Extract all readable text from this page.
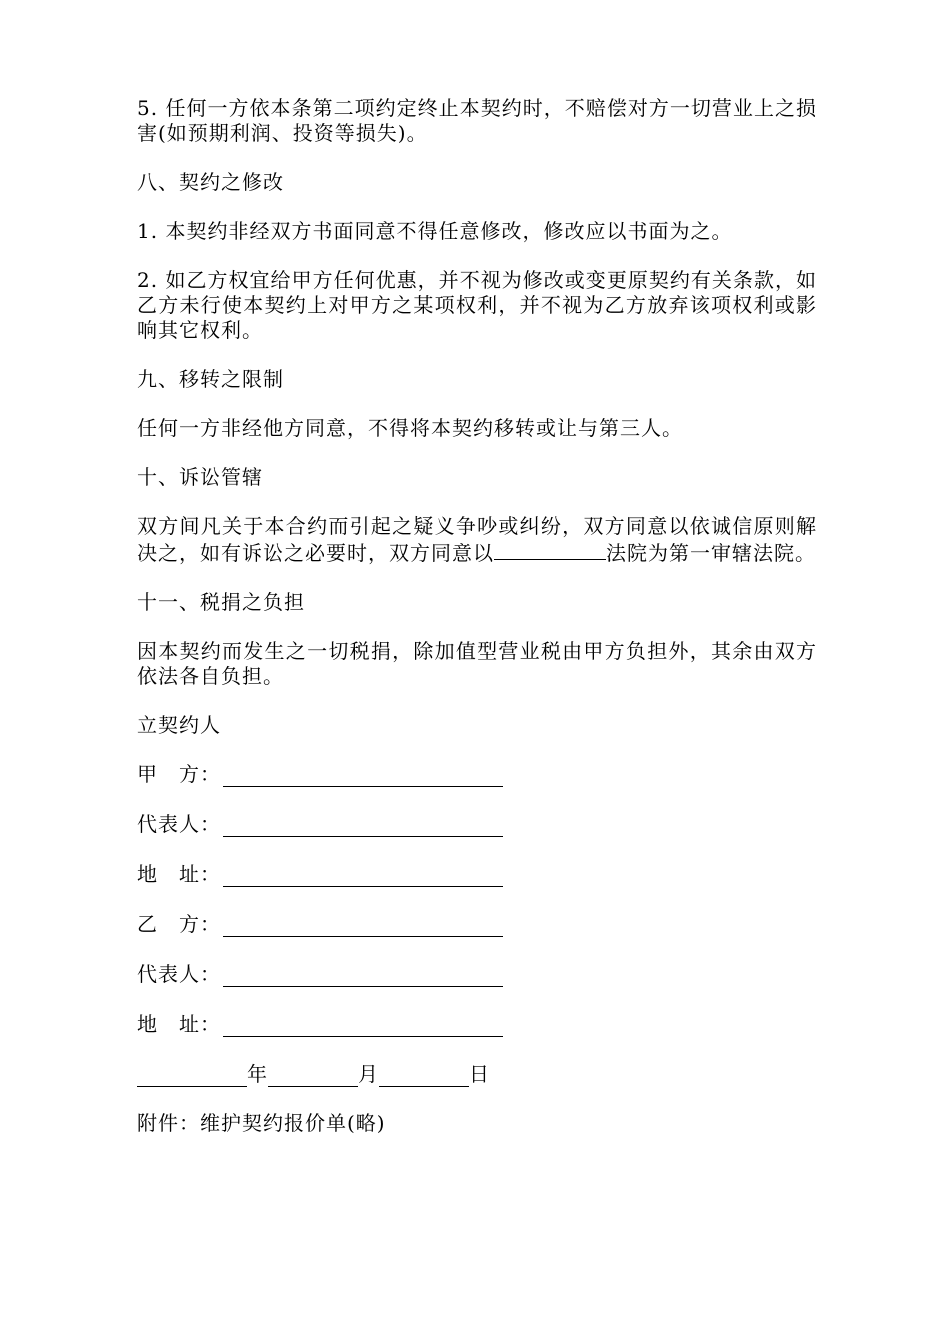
5. 任何一方依本条第二项约定终止本契约时，不赔偿对方一切营业上之损害(如预期利润、投资等损失)。

八、契约之修改

1. 本契约非经双方书面同意不得任意修改，修改应以书面为之。

2. 如乙方权宜给甲方任何优惠，并不视为修改或变更原契约有关条款，如乙方未行使本契约上对甲方之某项权利，并不视为乙方放弃该项权利或影响其它权利。

九、移转之限制

任何一方非经他方同意，不得将本契约移转或让与第三人。

十、诉讼管辖

双方间凡关于本合约而引起之疑义争吵或纠纷，双方同意以依诚信原则解决之，如有诉讼之必要时，双方同意以	法院为第一审辖法院。

十一、税捐之负担

因本契约而发生之一切税捐，除加值型营业税由甲方负担外，其余由双方依法各自负担。

立契约人

甲　方：
代表人：
地　址：
乙　方：
代表人：
地　址：
年	月	日

附件：维护契约报价单(略)
